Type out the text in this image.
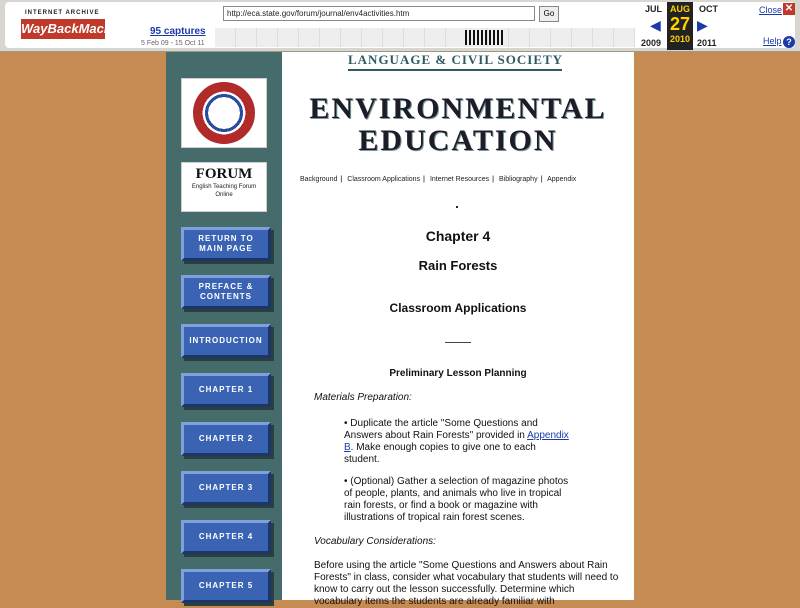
INTERNET ARCHIVE
WayBackMachine 95 captures
5 Feb 09 - 15 Oct 11
http://eca.state.gov/forum/journal/env4activities.htm	Go	JUL	OCT
◀	▶
2009	2011
AUG
27
2010
Close ✕
Help ?
FORUM
English Teaching Forum
Online
RETURN TO MAIN PAGE
PREFACE & CONTENTS
INTRODUCTION
CHAPTER 1
CHAPTER 2
CHAPTER 3
CHAPTER 4
CHAPTER 5
LANGUAGE & CIVIL SOCIETY
ENVIRONMENTAL
EDUCATION
Background | Classroom Applications | Internet Resources | Bibliography | Appendix
Chapter 4
Rain Forests
Classroom Applications
Preliminary Lesson Planning
Materials Preparation:
• Duplicate the article "Some Questions and Answers about Rain Forests" provided in Appendix B. Make enough copies to give one to each student.
• (Optional) Gather a selection of magazine photos of people, plants, and animals who live in tropical rain forests, or find a book or magazine with illustrations of tropical rain forest scenes.
Vocabulary Considerations:
Before using the article "Some Questions and Answers about Rain Forests" in class, consider what vocabulary that students will need to know to carry out the lesson successfully. Determine which vocabulary items the students are already familiar with
